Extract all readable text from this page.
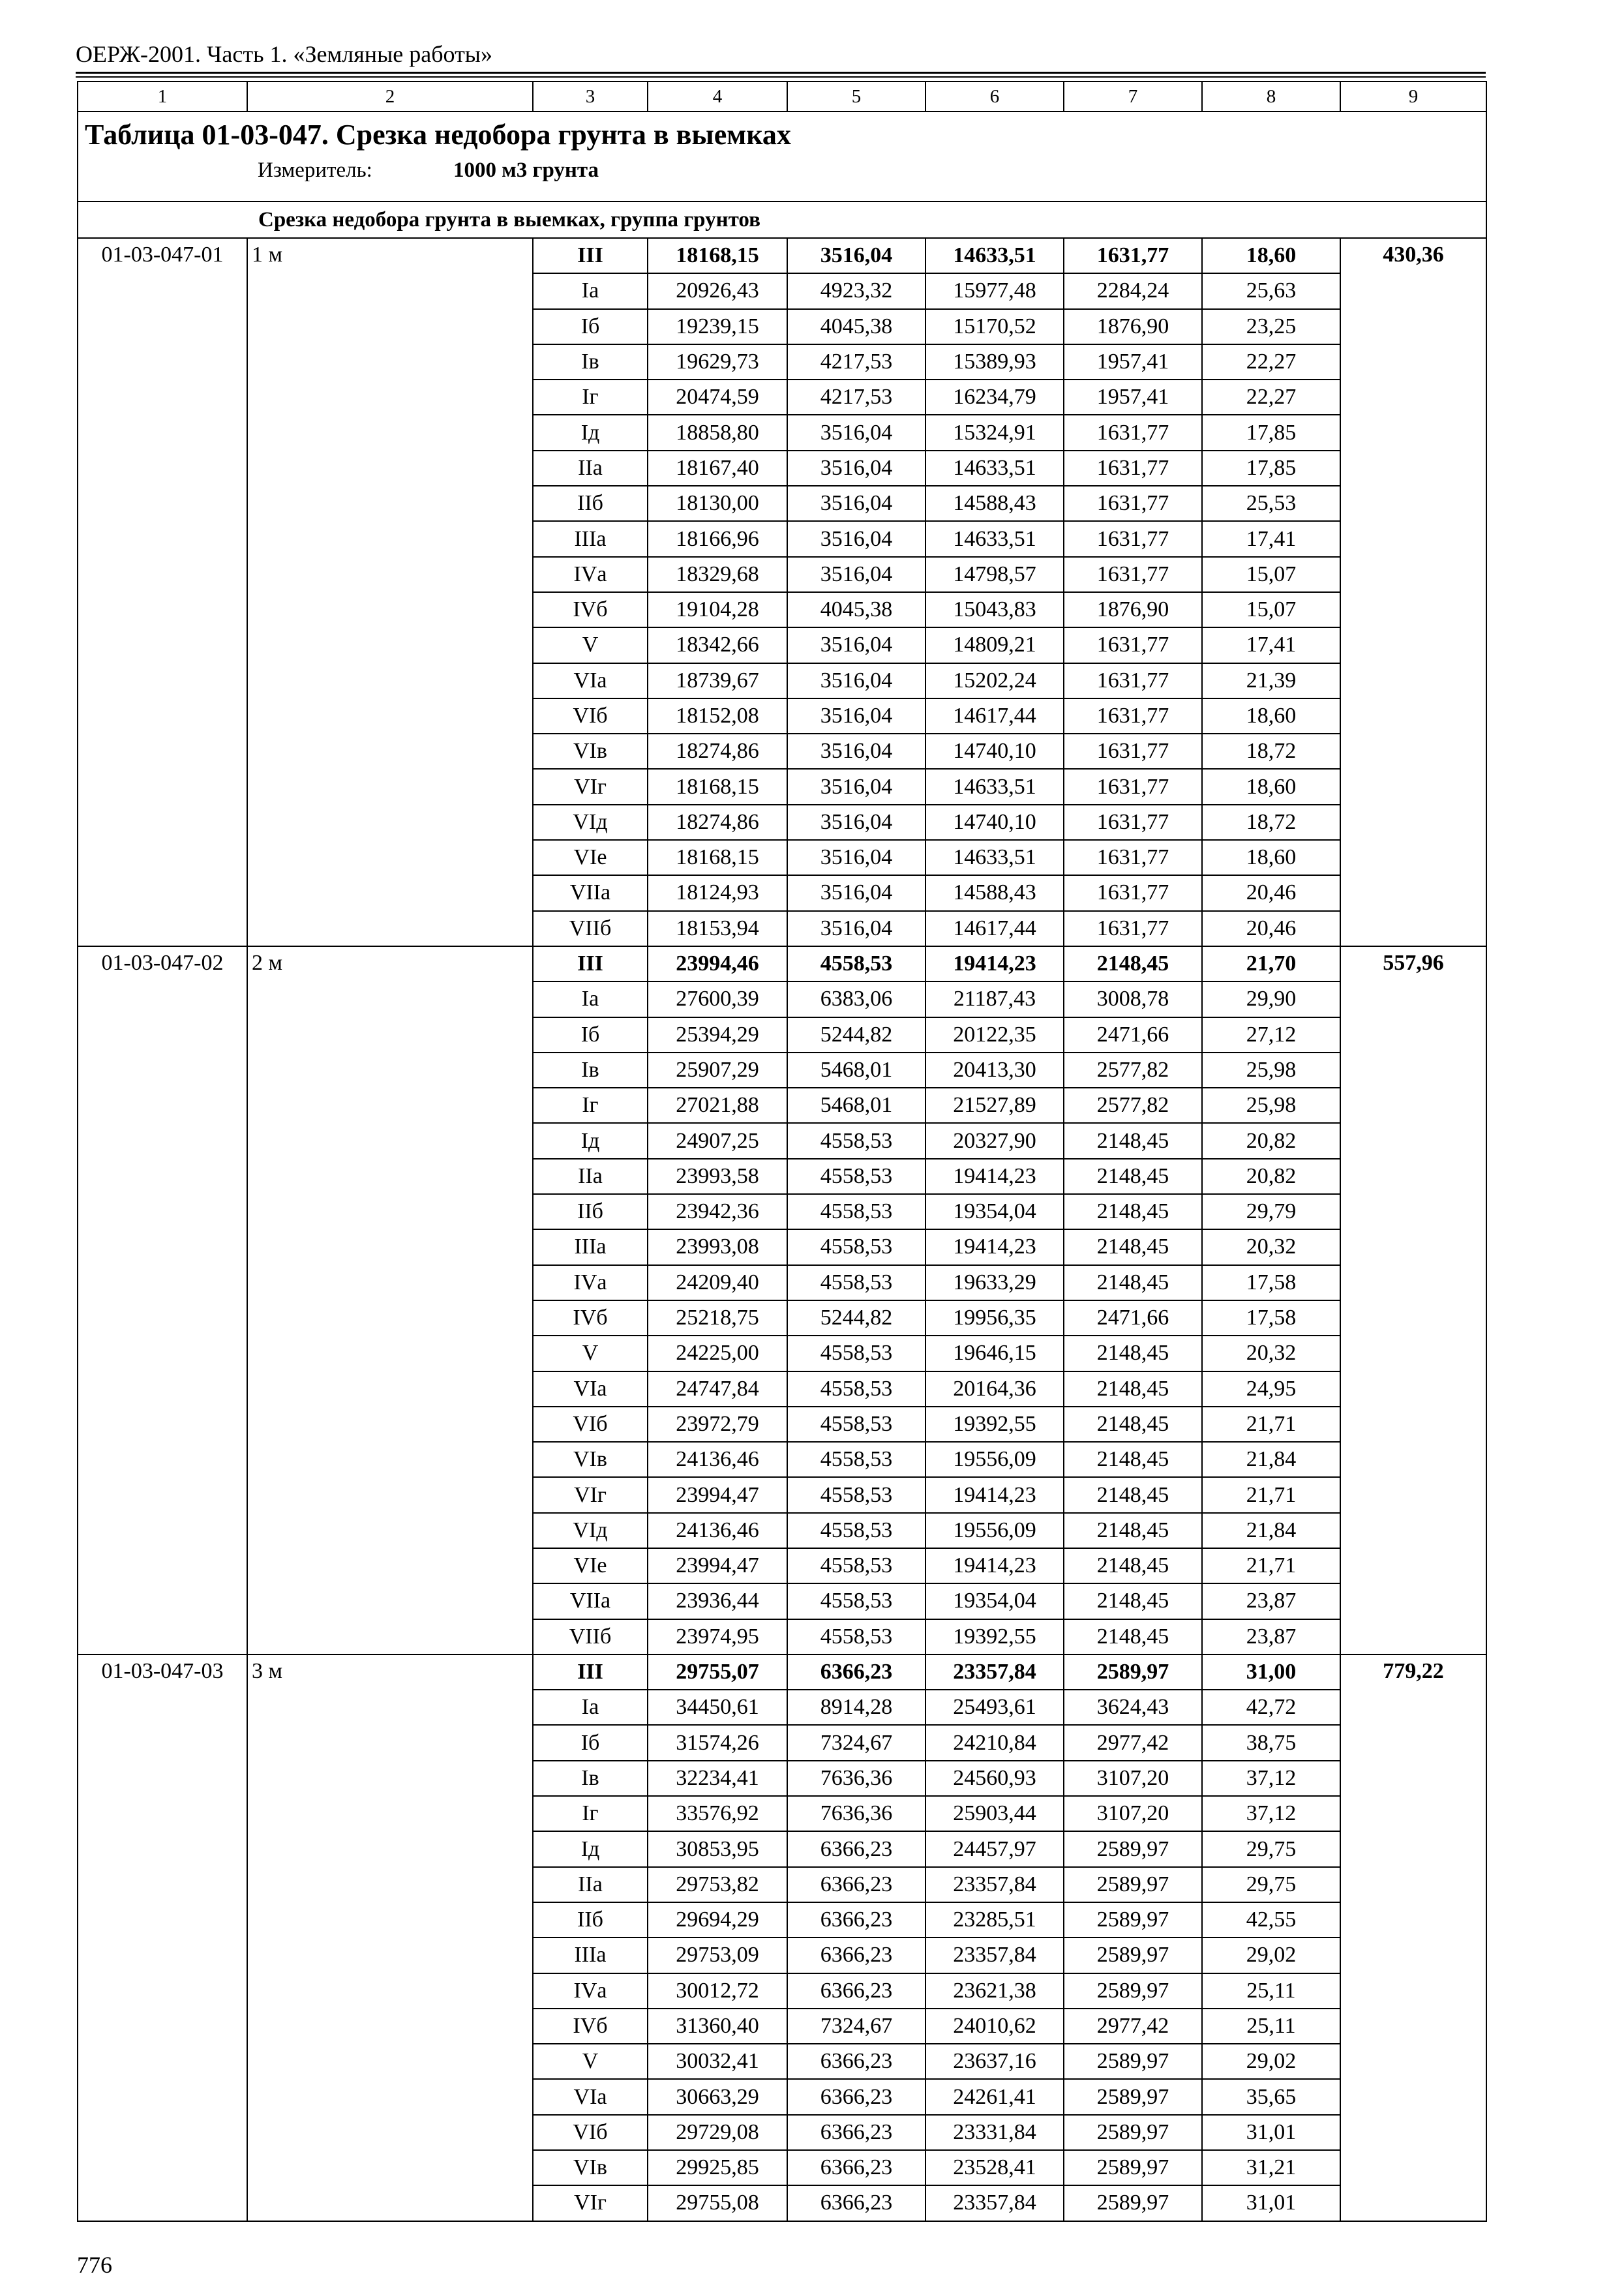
ОЕРЖ-2001. Часть 1. «Земляные работы»
1	2	3	4	5	6	7	8	9

Таблица 01-03-047. Срезка недобора грунта в выемках
Измеритель: 1000 м3 грунта								

Срезка недобора грунта в выемках, группа грунтов								
01-03-047-01	1 м	III	18168,15	3516,04	14633,51	1631,77	18,60	430,36
		Iа	20926,43	4923,32	15977,48	2284,24	25,63	
		Iб	19239,15	4045,38	15170,52	1876,90	23,25	
		Iв	19629,73	4217,53	15389,93	1957,41	22,27	
		Iг	20474,59	4217,53	16234,79	1957,41	22,27	
		Iд	18858,80	3516,04	15324,91	1631,77	17,85	
		IIа	18167,40	3516,04	14633,51	1631,77	17,85	
		IIб	18130,00	3516,04	14588,43	1631,77	25,53	
		IIIа	18166,96	3516,04	14633,51	1631,77	17,41	
		IVа	18329,68	3516,04	14798,57	1631,77	15,07	
		IVб	19104,28	4045,38	15043,83	1876,90	15,07	
		V	18342,66	3516,04	14809,21	1631,77	17,41	
		VIа	18739,67	3516,04	15202,24	1631,77	21,39	
		VIб	18152,08	3516,04	14617,44	1631,77	18,60	
		VIв	18274,86	3516,04	14740,10	1631,77	18,72	
		VIг	18168,15	3516,04	14633,51	1631,77	18,60	
		VIд	18274,86	3516,04	14740,10	1631,77	18,72	
		VIе	18168,15	3516,04	14633,51	1631,77	18,60	
		VIIа	18124,93	3516,04	14588,43	1631,77	20,46	
		VIIб	18153,94	3516,04	14617,44	1631,77	20,46	
01-03-047-02	2 м	III	23994,46	4558,53	19414,23	2148,45	21,70	557,96
		Iа	27600,39	6383,06	21187,43	3008,78	29,90	
		Iб	25394,29	5244,82	20122,35	2471,66	27,12	
		Iв	25907,29	5468,01	20413,30	2577,82	25,98	
		Iг	27021,88	5468,01	21527,89	2577,82	25,98	
		Iд	24907,25	4558,53	20327,90	2148,45	20,82	
		IIа	23993,58	4558,53	19414,23	2148,45	20,82	
		IIб	23942,36	4558,53	19354,04	2148,45	29,79	
		IIIа	23993,08	4558,53	19414,23	2148,45	20,32	
		IVа	24209,40	4558,53	19633,29	2148,45	17,58	
		IVб	25218,75	5244,82	19956,35	2471,66	17,58	
		V	24225,00	4558,53	19646,15	2148,45	20,32	
		VIа	24747,84	4558,53	20164,36	2148,45	24,95	
		VIб	23972,79	4558,53	19392,55	2148,45	21,71	
		VIв	24136,46	4558,53	19556,09	2148,45	21,84	
		VIг	23994,47	4558,53	19414,23	2148,45	21,71	
		VIд	24136,46	4558,53	19556,09	2148,45	21,84	
		VIе	23994,47	4558,53	19414,23	2148,45	21,71	
		VIIа	23936,44	4558,53	19354,04	2148,45	23,87	
		VIIб	23974,95	4558,53	19392,55	2148,45	23,87	
01-03-047-03	3 м	III	29755,07	6366,23	23357,84	2589,97	31,00	779,22
		Iа	34450,61	8914,28	25493,61	3624,43	42,72	
		Iб	31574,26	7324,67	24210,84	2977,42	38,75	
		Iв	32234,41	7636,36	24560,93	3107,20	37,12	
		Iг	33576,92	7636,36	25903,44	3107,20	37,12	
		Iд	30853,95	6366,23	24457,97	2589,97	29,75	
		IIа	29753,82	6366,23	23357,84	2589,97	29,75	
		IIб	29694,29	6366,23	23285,51	2589,97	42,55	
		IIIа	29753,09	6366,23	23357,84	2589,97	29,02	
		IVа	30012,72	6366,23	23621,38	2589,97	25,11	
		IVб	31360,40	7324,67	24010,62	2977,42	25,11	
		V	30032,41	6366,23	23637,16	2589,97	29,02	
		VIа	30663,29	6366,23	24261,41	2589,97	35,65	
		VIб	29729,08	6366,23	23331,84	2589,97	31,01	
		VIв	29925,85	6366,23	23528,41	2589,97	31,21	
		VIг	29755,08	6366,23	23357,84	2589,97	31,01	
776
